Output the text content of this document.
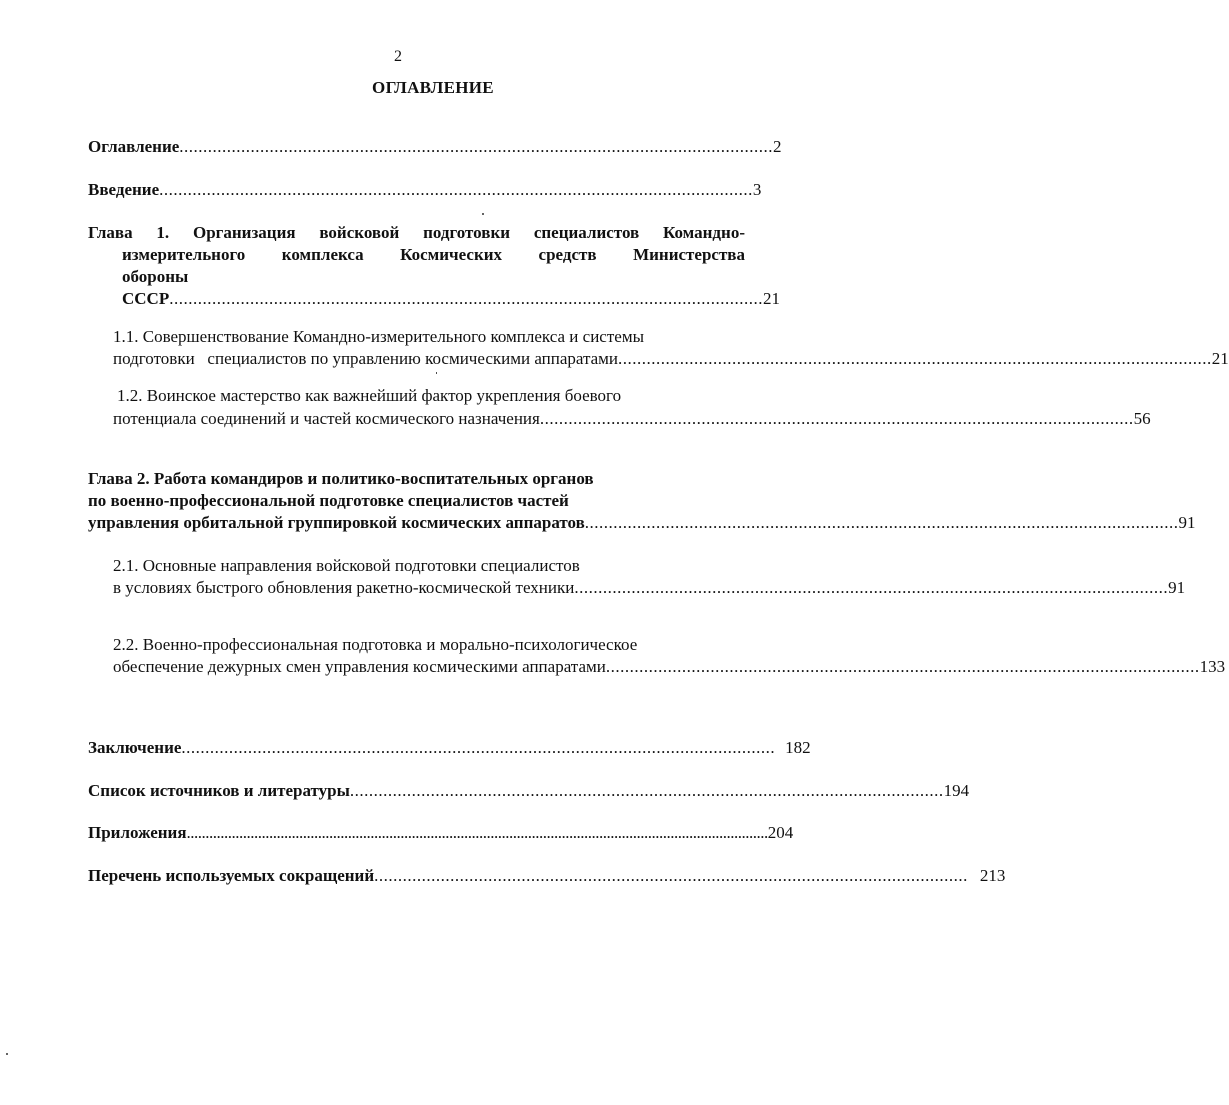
2
ОГЛАВЛЕНИЕ
Оглавление ............................................................................................................................. 2
Введение ............................................................................................................................. 3
Глава 1. Организация войсковой подготовки специалистов Командно-
измерительного комплекса Космических средств Министерства
обороны
СССР ............................................................................................................................. 21
1.1. Совершенствование Командно-измерительного комплекса и системы
подготовки   специалистов по управлению космическими аппаратами ............................................................................................................................. 21
1.2. Воинское мастерство как важнейший фактор укрепления боевого
потенциала соединений и частей космического назначения ............................................................................................................................. 56
Глава 2. Работа командиров и политико-воспитательных органов
по военно-профессиональной подготовке специалистов частей
управления орбитальной группировкой космических аппаратов ............................................................................................................................. 91
2.1. Основные направления войсковой подготовки специалистов
в условиях быстрого обновления ракетно-космической техники ............................................................................................................................. 91
2.2. Военно-профессиональная подготовка и морально-психологическое
обеспечение дежурных смен управления космическими аппаратами ............................................................................................................................. 133
Заключение ............................................................................................................................. 182
Список источников и литературы ............................................................................................................................. 194
Приложения ........................................................................................................................................................... 204
Перечень используемых сокращений ............................................................................................................................. 213
